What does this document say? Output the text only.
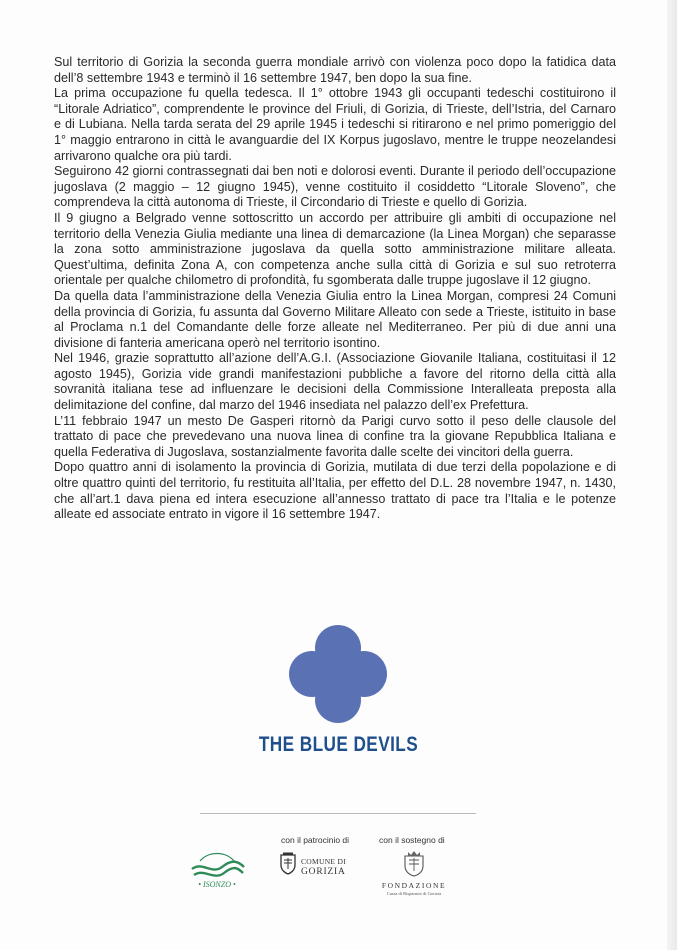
Sul territorio di Gorizia la seconda guerra mondiale arrivò con violenza poco dopo la fatidica data dell’8 settembre 1943 e terminò il 16 settembre 1947, ben dopo la sua fine.

La prima occupazione fu quella tedesca. Il 1° ottobre 1943 gli occupanti tedeschi costituirono il “Litorale Adriatico”, comprendente le province del Friuli, di Gorizia, di Trieste, dell’Istria, del Carnaro e di Lubiana. Nella tarda serata del 29 aprile 1945 i tedeschi si ritirarono e nel primo pomeriggio del 1° maggio entrarono in città le avanguardie del IX Korpus jugoslavo, mentre le truppe neozelandesi arrivarono qualche ora più tardi.

Seguirono 42 giorni contrassegnati dai ben noti e dolorosi eventi. Durante il periodo dell’occupazione jugoslava (2 maggio – 12 giugno 1945), venne costituito il cosiddetto “Litorale Sloveno”, che comprendeva la città autonoma di Trieste, il Circondario di Trieste e quello di Gorizia.

Il 9 giugno a Belgrado venne sottoscritto un accordo per attribuire gli ambiti di occupazione nel territorio della Venezia Giulia mediante una linea di demarcazione (la Linea Morgan) che separasse la zona sotto amministrazione jugoslava da quella sotto amministrazione militare alleata. Quest’ultima, definita Zona A, con competenza anche sulla città di Gorizia e sul suo retroterra orientale per qualche chilometro di profondità, fu sgomberata dalle truppe jugoslave il 12 giugno.

Da quella data l’amministrazione della Venezia Giulia entro la Linea Morgan, compresi 24 Comuni della provincia di Gorizia, fu assunta dal Governo Militare Alleato con sede a Trieste, istituito in base al Proclama n.1 del Comandante delle forze alleate nel Mediterraneo. Per più di due anni una divisione di fanteria americana operò nel territorio isontino.

Nel 1946, grazie soprattutto all’azione dell’A.G.I. (Associazione Giovanile Italiana, costituitasi il 12 agosto 1945), Gorizia vide grandi manifestazioni pubbliche a favore del ritorno della città alla sovranità italiana tese ad influenzare le decisioni della Commissione Interalleata preposta alla delimitazione del confine, dal marzo del 1946 insediata nel palazzo dell’ex Prefettura.

L’11 febbraio 1947 un mesto De Gasperi ritornò da Parigi curvo sotto il peso delle clausole del trattato di pace che prevedevano una nuova linea di confine tra la giovane Repubblica Italiana e quella Federativa di Jugoslava, sostanzialmente favorita dalle scelte dei vincitori della guerra.

Dopo quattro anni di isolamento la provincia di Gorizia, mutilata di due terzi della popolazione e di oltre quattro quinti del territorio, fu restituita all’Italia, per effetto del D.L. 28 novembre 1947, n. 1430, che all’art.1 dava piena ed intera esecuzione all’annesso trattato di pace tra l’Italia e le potenze alleate ed associate entrato in vigore il 16 settembre 1947.

THE BLUE DEVILS
con il patrocinio di	con il sostegno di
• ISONZO •
COMUNE DI
GORIZIA
FONDAZIONE
Cassa di Risparmio di Gorizia
